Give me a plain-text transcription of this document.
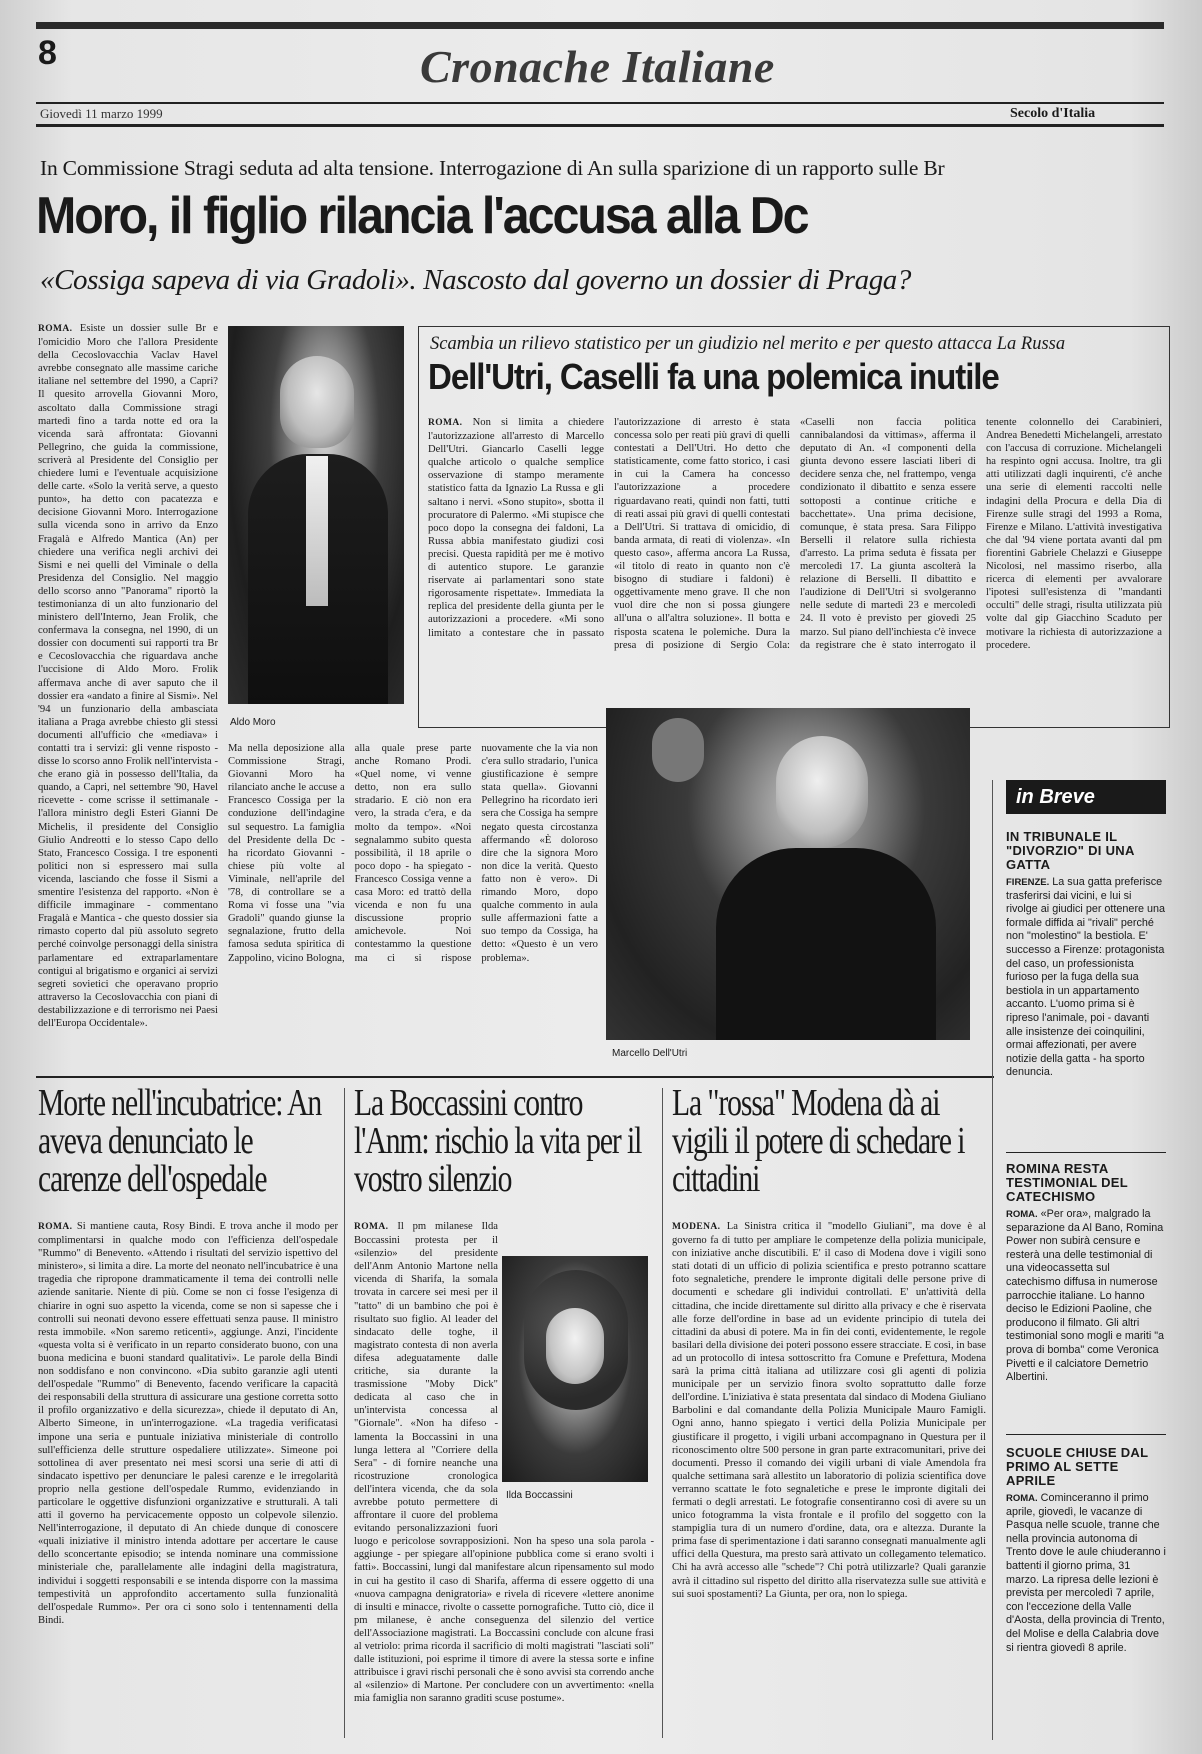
8	Cronache Italiane
Giovedì 11 marzo 1999	Secolo d'Italia
In Commissione Stragi seduta ad alta tensione. Interrogazione di An sulla sparizione di un rapporto sulle Br
Moro, il figlio rilancia l'accusa alla Dc
«Cossiga sapeva di via Gradoli». Nascosto dal governo un dossier di Praga?

ROMA. Esiste un dossier sulle Br e l'omicidio Moro che l'allora Presidente della Cecoslovacchia Vaclav Havel avrebbe consegnato alle massime cariche italiane nel settembre del 1990, a Capri? Il quesito arrovella Giovanni Moro, ascoltato dalla Commissione stragi martedì fino a tarda notte ed ora la vicenda sarà affrontata: Giovanni Pellegrino, che guida la commissione, scriverà al Presidente del Consiglio per chiedere lumi e l'eventuale acquisizione delle carte. «Solo la verità serve, a questo punto», ha detto con pacatezza e decisione Giovanni Moro. Interrogazione sulla vicenda sono in arrivo da Enzo Fragalà e Alfredo Mantica (An) per chiedere una verifica negli archivi dei Sismi e nei quelli del Viminale o della Presidenza del Consiglio. Nel maggio dello scorso anno "Panorama" riportò la testimonianza di un alto funzionario del ministero dell'Interno, Jean Frolik, che confermava la consegna, nel 1990, di un dossier con documenti sui rapporti tra Br e Cecoslovacchia che riguardava anche l'uccisione di Aldo Moro. Frolik affermava anche di aver saputo che il dossier era «andato a finire al Sismi». Nel '94 un funzionario della ambasciata italiana a Praga avrebbe chiesto gli stessi documenti all'ufficio che «mediava» i contatti tra i servizi: gli venne risposto - disse lo scorso anno Frolik nell'intervista - che erano già in possesso dell'Italia, da quando, a Capri, nel settembre '90, Havel ricevette - come scrisse il settimanale - l'allora ministro degli Esteri Gianni De Michelis, il presidente del Consiglio Giulio Andreotti e lo stesso Capo dello Stato, Francesco Cossiga. I tre esponenti politici non si espressero mai sulla vicenda, lasciando che fosse il Sismi a smentire l'esistenza del rapporto. «Non è difficile immaginare - commentano Fragalà e Mantica - che questo dossier sia rimasto coperto dal più assoluto segreto perché coinvolge personaggi della sinistra parlamentare ed extraparlamentare contigui al brigatismo e organici ai servizi segreti sovietici che operavano proprio attraverso la Cecoslovacchia con piani di destabilizzazione e di terrorismo nei Paesi dell'Europa Occidentale».

Aldo Moro

Ma nella deposizione alla Commissione Stragi, Giovanni Moro ha rilanciato anche le accuse a Francesco Cossiga per la conduzione dell'indagine sul sequestro. La famiglia del Presidente della Dc - ha ricordato Giovanni - chiese più volte al Viminale, nell'aprile del '78, di controllare se a Roma vi fosse una "via Gradoli" quando giunse la segnalazione, frutto della famosa seduta spiritica di Zappolino, vicino Bologna, alla quale prese parte anche Romano Prodi. «Quel nome, vi venne detto, non era sullo stradario. E ciò non era vero, la strada c'era, e da molto da tempo». «Noi segnalammo subito questa possibilità, il 18 aprile o poco dopo - ha spiegato - Francesco Cossiga venne a casa Moro: ed trattò della vicenda e non fu una discussione proprio amichevole. Noi contestammo la questione ma ci si rispose nuovamente che la via non c'era sullo stradario, l'unica giustificazione è sempre stata quella». Giovanni Pellegrino ha ricordato ieri sera che Cossiga ha sempre negato questa circostanza affermando «È doloroso dire che la signora Moro non dice la verità. Questo fatto non è vero». Di rimando Moro, dopo qualche commento in aula sulle affermazioni fatte a suo tempo da Cossiga, ha detto: «Questo è un vero problema».

Scambia un rilievo statistico per un giudizio nel merito e per questo attacca La Russa
Dell'Utri, Caselli fa una polemica inutile

ROMA. Non si limita a chiedere l'autorizzazione all'arresto di Marcello Dell'Utri. Giancarlo Caselli legge qualche articolo o qualche semplice osservazione di stampo meramente statistico fatta da Ignazio La Russa e gli saltano i nervi. «Sono stupito», sbotta il procuratore di Palermo. «Mi stupisce che poco dopo la consegna dei faldoni, La Russa abbia manifestato giudizi così precisi. Questa rapidità per me è motivo di autentico stupore. Le garanzie riservate ai parlamentari sono state rigorosamente rispettate». Immediata la replica del presidente della giunta per le autorizzazioni a procedere. «Mi sono limitato a contestare che in passato l'autorizzazione di arresto è stata concessa solo per reati più gravi di quelli contestati a Dell'Utri. Ho detto che statisticamente, come fatto storico, i casi in cui la Camera ha concesso l'autorizzazione a procedere riguardavano reati, quindi non fatti, tutti di reati assai più gravi di quelli contestati a Dell'Utri. Si trattava di omicidio, di banda armata, di reati di violenza». «In questo caso», afferma ancora La Russa, «il titolo di reato in quanto non c'è bisogno di studiare i faldoni) è oggettivamente meno grave. Il che non vuol dire che non si possa giungere all'una o all'altra soluzione». Il botta e risposta scatena le polemiche. Dura la presa di posizione di Sergio Cola: «Caselli non faccia politica cannibalandosi da vittimas», afferma il deputato di An. «I componenti della giunta devono essere lasciati liberi di decidere senza che, nel frattempo, venga condizionato il dibattito e senza essere sottoposti a continue critiche e bacchettate». Una prima decisione, comunque, è stata presa. Sara Filippo Berselli il relatore sulla richiesta d'arresto. La prima seduta è fissata per mercoledì 17. La giunta ascolterà la relazione di Berselli. Il dibattito e l'audizione di Dell'Utri si svolgeranno nelle sedute di martedì 23 e mercoledì 24. Il voto è previsto per giovedì 25 marzo. Sul piano dell'inchiesta c'è invece da registrare che è stato interrogato il tenente colonnello dei Carabinieri, Andrea Benedetti Michelangeli, arrestato con l'accusa di corruzione. Michelangeli ha respinto ogni accusa. Inoltre, tra gli atti utilizzati dagli inquirenti, c'è anche una serie di elementi raccolti nelle indagini della Procura e della Dia di Firenze sulle stragi del 1993 a Roma, Firenze e Milano. L'attività investigativa che dal '94 viene portata avanti dal pm fiorentini Gabriele Chelazzi e Giuseppe Nicolosi, nel massimo riserbo, alla ricerca di elementi per avvalorare l'ipotesi sull'esistenza di "mandanti occulti" delle stragi, risulta utilizzata più volte dal gip Giacchino Scaduto per motivare la richiesta di autorizzazione a procedere.

Marcello Dell'Utri
in Breve

IN TRIBUNALE IL "DIVORZIO" DI UNA GATTA

FIRENZE. La sua gatta preferisce trasferirsi dai vicini, e lui si rivolge ai giudici per ottenere una formale diffida ai "rivali" perché non "molestino" la bestiola. E' successo a Firenze: protagonista del caso, un professionista furioso per la fuga della sua bestiola in un appartamento accanto. L'uomo prima si è ripreso l'animale, poi - davanti alle insistenze dei coinquilini, ormai affezionati, per avere notizie della gatta - ha sporto denuncia.

ROMINA RESTA TESTIMONIAL DEL CATECHISMO

ROMA. «Per ora», malgrado la separazione da Al Bano, Romina Power non subirà censure e resterà una delle testimonial di una videocassetta sul catechismo diffusa in numerose parrocchie italiane. Lo hanno deciso le Edizioni Paoline, che producono il filmato. Gli altri testimonial sono mogli e mariti "a prova di bomba" come Veronica Pivetti e il calciatore Demetrio Albertini.

SCUOLE CHIUSE DAL PRIMO AL SETTE APRILE

ROMA. Cominceranno il primo aprile, giovedì, le vacanze di Pasqua nelle scuole, tranne che nella provincia autonoma di Trento dove le aule chiuderanno i battenti il giorno prima, 31 marzo. La ripresa delle lezioni è prevista per mercoledì 7 aprile, con l'eccezione della Valle d'Aosta, della provincia di Trento, del Molise e della Calabria dove si rientra giovedì 8 aprile.

Morte nell'incubatrice: An aveva denunciato le carenze dell'ospedale

ROMA. Si mantiene cauta, Rosy Bindi. E trova anche il modo per complimentarsi in qualche modo con l'efficienza dell'ospedale "Rummo" di Benevento. «Attendo i risultati del servizio ispettivo del ministero», si limita a dire. La morte del neonato nell'incubatrice è una tragedia che ripropone drammaticamente il tema dei controlli nelle aziende sanitarie. Niente di più. Come se non ci fosse l'esigenza di chiarire in ogni suo aspetto la vicenda, come se non si sapesse che i controlli sui neonati devono essere effettuati senza pause. Il ministro resta immobile. «Non saremo reticenti», aggiunge. Anzi, l'incidente «questa volta si è verificato in un reparto considerato buono, con una buona medicina e buoni standard qualitativi». Le parole della Bindi non soddisfano e non convincono. «Dia subito garanzie agli utenti dell'ospedale "Rummo" di Benevento, facendo verificare la capacità dei responsabili della struttura di assicurare una gestione corretta sotto il profilo organizzativo e della sicurezza», chiede il deputato di An, Alberto Simeone, in un'interrogazione. «La tragedia verificatasi impone una seria e puntuale iniziativa ministeriale di controllo sull'efficienza delle strutture ospedaliere utilizzate». Simeone poi sottolinea di aver presentato nei mesi scorsi una serie di atti di sindacato ispettivo per denunciare le palesi carenze e le irregolarità proprio nella gestione dell'ospedale Rummo, evidenziando in particolare le oggettive disfunzioni organizzative e strutturali. A tali atti il governo ha pervicacemente opposto un colpevole silenzio. Nell'interrogazione, il deputato di An chiede dunque di conoscere «quali iniziative il ministro intenda adottare per accertare le cause dello sconcertante episodio; se intenda nominare una commissione ministeriale che, parallelamente alle indagini della magistratura, individui i soggetti responsabili e se intenda disporre con la massima tempestività un approfondito accertamento sulla funzionalità dell'ospedale Rummo». Per ora ci sono solo i tentennamenti della Bindi.

La Boccassini contro l'Anm: rischio la vita per il vostro silenzio

ROMA. Il pm milanese Ilda Boccassini protesta per il «silenzio» del presidente dell'Anm Antonio Martone nella vicenda di Sharifa, la somala trovata in carcere sei mesi per il "tatto" di un bambino che poi è risultato suo figlio. Al leader del sindacato delle toghe, il magistrato contesta di non averla difesa adeguatamente dalle critiche, sia durante la trasmissione "Moby Dick" dedicata al caso che in un'intervista concessa al "Giornale". «Non ha difeso - lamenta la Boccassini in una lunga lettera al "Corriere della Sera" - di fornire neanche una ricostruzione cronologica dell'intera vicenda, che da sola avrebbe potuto permettere di affrontare il cuore del problema evitando personalizzazioni fuori luogo e pericolose sovrapposizioni. Non ha speso una sola parola - aggiunge - per spiegare all'opinione pubblica come si erano svolti i fatti». Boccassini, lungi dal manifestare alcun ripensamento sul modo in cui ha gestito il caso di Sharifa, afferma di essere oggetto di una «nuova campagna denigratoria» e rivela di ricevere «lettere anonime di insulti e minacce, rivolte o cassette pornografiche. Tutto ciò, dice il pm milanese, è anche conseguenza del silenzio del vertice dell'Associazione magistrati. La Boccassini conclude con alcune frasi al vetriolo: prima ricorda il sacrificio di molti magistrati "lasciati soli" dalle istituzioni, poi esprime il timore di avere la stessa sorte e infine attribuisce i gravi rischi personali che è sono avvisi sta correndo anche al «silenzio» di Martone. Per concludere con un avvertimento: «nella mia famiglia non saranno graditi scuse postume».

Ilda Boccassini
La "rossa" Modena dà ai vigili il potere di schedare i cittadini

MODENA. La Sinistra critica il "modello Giuliani", ma dove è al governo fa di tutto per ampliare le competenze della polizia municipale, con iniziative anche discutibili. E' il caso di Modena dove i vigili sono stati dotati di un ufficio di polizia scientifica e presto potranno scattare foto segnaletiche, prendere le impronte digitali delle persone prive di documenti e schedare gli individui controllati. E' un'attività della cittadina, che incide direttamente sul diritto alla privacy e che è riservata alle forze dell'ordine in base ad un evidente principio di tutela dei cittadini da abusi di potere. Ma in fin dei conti, evidentemente, le regole basilari della divisione dei poteri possono essere stracciate. E così, in base ad un protocollo di intesa sottoscritto fra Comune e Prefettura, Modena sarà la prima città italiana ad utilizzare così gli agenti di polizia municipale per un servizio finora svolto soprattutto dalle forze dell'ordine. L'iniziativa è stata presentata dal sindaco di Modena Giuliano Barbolini e dal comandante della Polizia Municipale Mauro Famigli. Ogni anno, hanno spiegato i vertici della Polizia Municipale per giustificare il progetto, i vigili urbani accompagnano in Questura per il riconoscimento oltre 500 persone in gran parte extracomunitari, prive dei documenti. Presso il comando dei vigili urbani di viale Amendola fra qualche settimana sarà allestito un laboratorio di polizia scientifica dove verranno scattate le foto segnaletiche e prese le impronte digitali dei fermati o degli arrestati. Le fotografie consentiranno così di avere su un unico fotogramma la vista frontale e il profilo del soggetto con la stampiglia tura di un numero d'ordine, data, ora e altezza. Durante la prima fase di sperimentazione i dati saranno consegnati manualmente agli uffici della Questura, ma presto sarà attivato un collegamento telematico. Chi ha avrà accesso alle "schede"? Chi potrà utilizzarle? Quali garanzie avrà il cittadino sul rispetto del diritto alla riservatezza sulle sue attività e sui suoi spostamenti? La Giunta, per ora, non lo spiega.
